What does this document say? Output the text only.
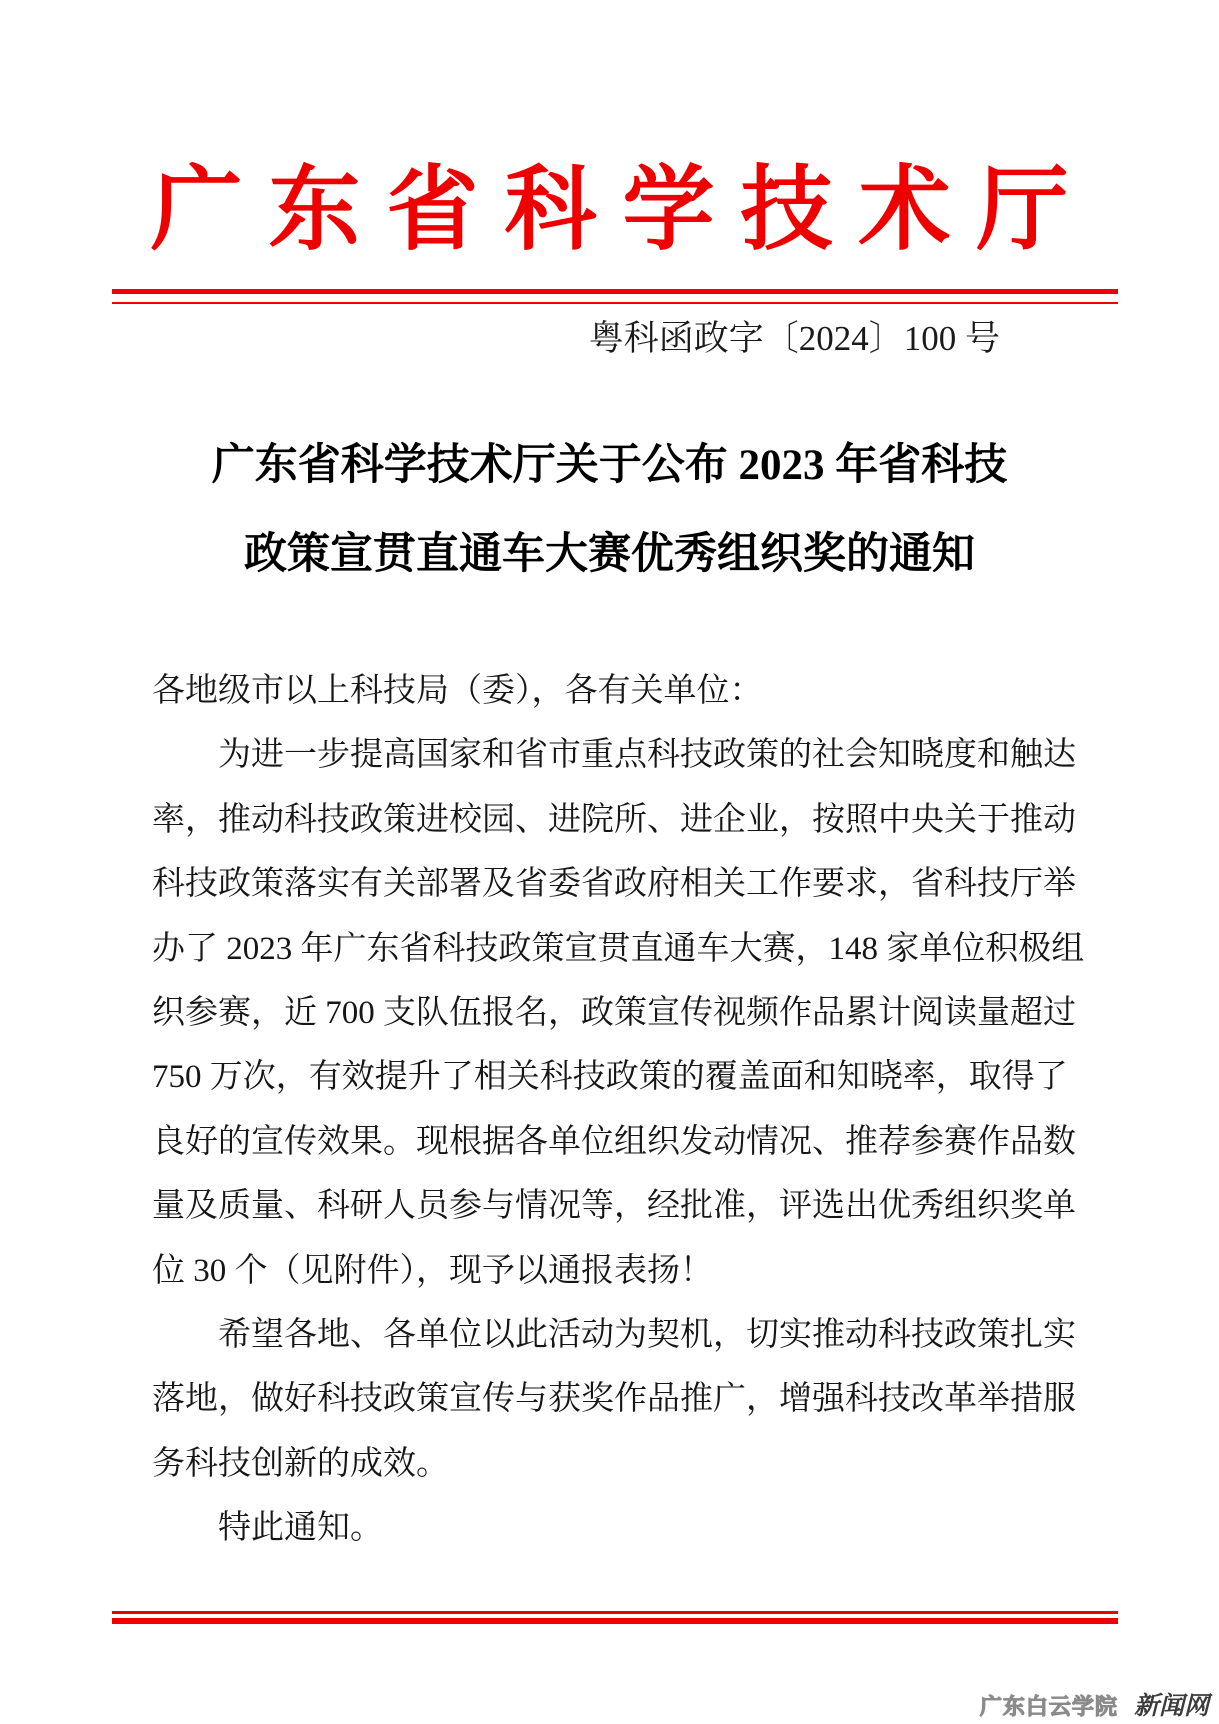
广东省科学技术厅
粤科函政字〔2024〕100 号
广东省科学技术厅关于公布 2023 年省科技
政策宣贯直通车大赛优秀组织奖的通知
各地级市以上科技局（委），各有关单位：
　　为进一步提高国家和省市重点科技政策的社会知晓度和触达
率，推动科技政策进校园、进院所、进企业，按照中央关于推动
科技政策落实有关部署及省委省政府相关工作要求，省科技厅举
办了 2023 年广东省科技政策宣贯直通车大赛，148 家单位积极组
织参赛，近 700 支队伍报名，政策宣传视频作品累计阅读量超过
750 万次，有效提升了相关科技政策的覆盖面和知晓率，取得了
良好的宣传效果。现根据各单位组织发动情况、推荐参赛作品数
量及质量、科研人员参与情况等，经批准，评选出优秀组织奖单
位 30 个（见附件），现予以通报表扬！
　　希望各地、各单位以此活动为契机，切实推动科技政策扎实
落地，做好科技政策宣传与获奖作品推广，增强科技改革举措服
务科技创新的成效。
　　特此通知。
广东白云学院 新闻网
